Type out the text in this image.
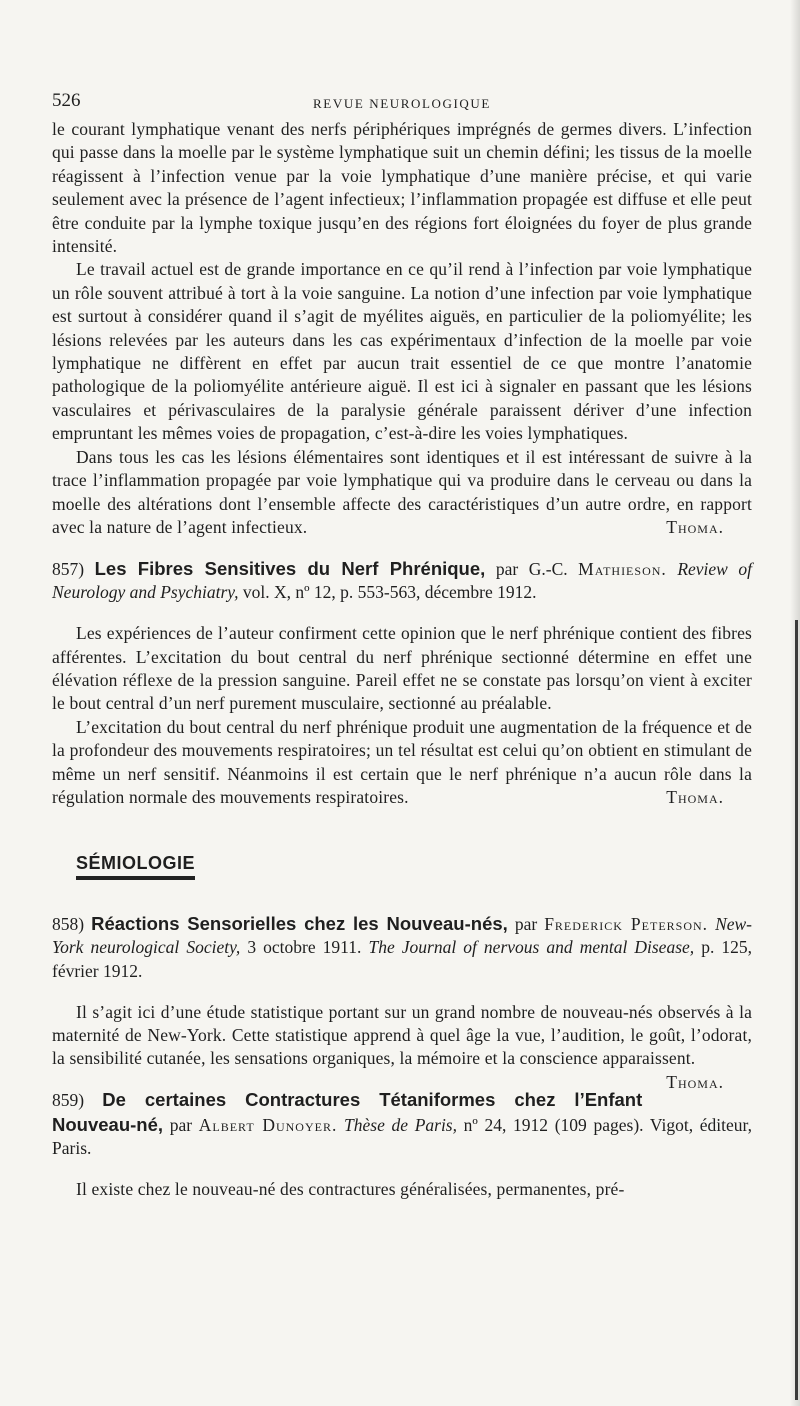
526	REVUE NEUROLOGIQUE

le courant lymphatique venant des nerfs périphériques imprégnés de germes divers. L’infection qui passe dans la moelle par le système lymphatique suit un chemin défini; les tissus de la moelle réagissent à l’infection venue par la voie lymphatique d’une manière précise, et qui varie seulement avec la présence de l’agent infectieux; l’inflammation propagée est diffuse et elle peut être conduite par la lymphe toxique jusqu’en des régions fort éloignées du foyer de plus grande intensité.

Le travail actuel est de grande importance en ce qu’il rend à l’infection par voie lymphatique un rôle souvent attribué à tort à la voie sanguine. La notion d’une infection par voie lymphatique est surtout à considérer quand il s’agit de myélites aiguës, en particulier de la poliomyélite; les lésions relevées par les auteurs dans les cas expérimentaux d’infection de la moelle par voie lymphatique ne diffèrent en effet par aucun trait essentiel de ce que montre l’anatomie pathologique de la poliomyélite antérieure aiguë. Il est ici à signaler en passant que les lésions vasculaires et périvasculaires de la paralysie générale paraissent dériver d’une infection empruntant les mêmes voies de propagation, c’est-à-dire les voies lymphatiques.

Dans tous les cas les lésions élémentaires sont identiques et il est intéressant de suivre à la trace l’inflammation propagée par voie lymphatique qui va produire dans le cerveau ou dans la moelle des altérations dont l’ensemble affecte des caractéristiques d’un autre ordre, en rapport avec la nature de l’agent infectieux.	Thoma.

857) Les Fibres Sensitives du Nerf Phrénique, par G.-C. Mathieson. Review of Neurology and Psychiatry, vol. X, nº 12, p. 553-563, décembre 1912.

Les expériences de l’auteur confirment cette opinion que le nerf phrénique contient des fibres afférentes. L’excitation du bout central du nerf phrénique sectionné détermine en effet une élévation réflexe de la pression sanguine. Pareil effet ne se constate pas lorsqu’on vient à exciter le bout central d’un nerf purement musculaire, sectionné au préalable.

L’excitation du bout central du nerf phrénique produit une augmentation de la fréquence et de la profondeur des mouvements respiratoires; un tel résultat est celui qu’on obtient en stimulant de même un nerf sensitif. Néanmoins il est certain que le nerf phrénique n’a aucun rôle dans la régulation normale des mouvements respiratoires.	Thoma.

SÉMIOLOGIE

858) Réactions Sensorielles chez les Nouveau-nés, par Frederick Peterson. New-York neurological Society, 3 octobre 1911. The Journal of nervous and mental Disease, p. 125, février 1912.

Il s’agit ici d’une étude statistique portant sur un grand nombre de nouveau-nés observés à la maternité de New-York. Cette statistique apprend à quel âge la vue, l’audition, le goût, l’odorat, la sensibilité cutanée, les sensations organiques, la mémoire et la conscience apparaissent.
Thoma.

859) De certaines Contractures Tétaniformes chez l’Enfant Nouveau-né, par Albert Dunoyer. Thèse de Paris, nº 24, 1912 (109 pages). Vigot, éditeur, Paris.

Il existe chez le nouveau-né des contractures généralisées, permanentes, pré-
